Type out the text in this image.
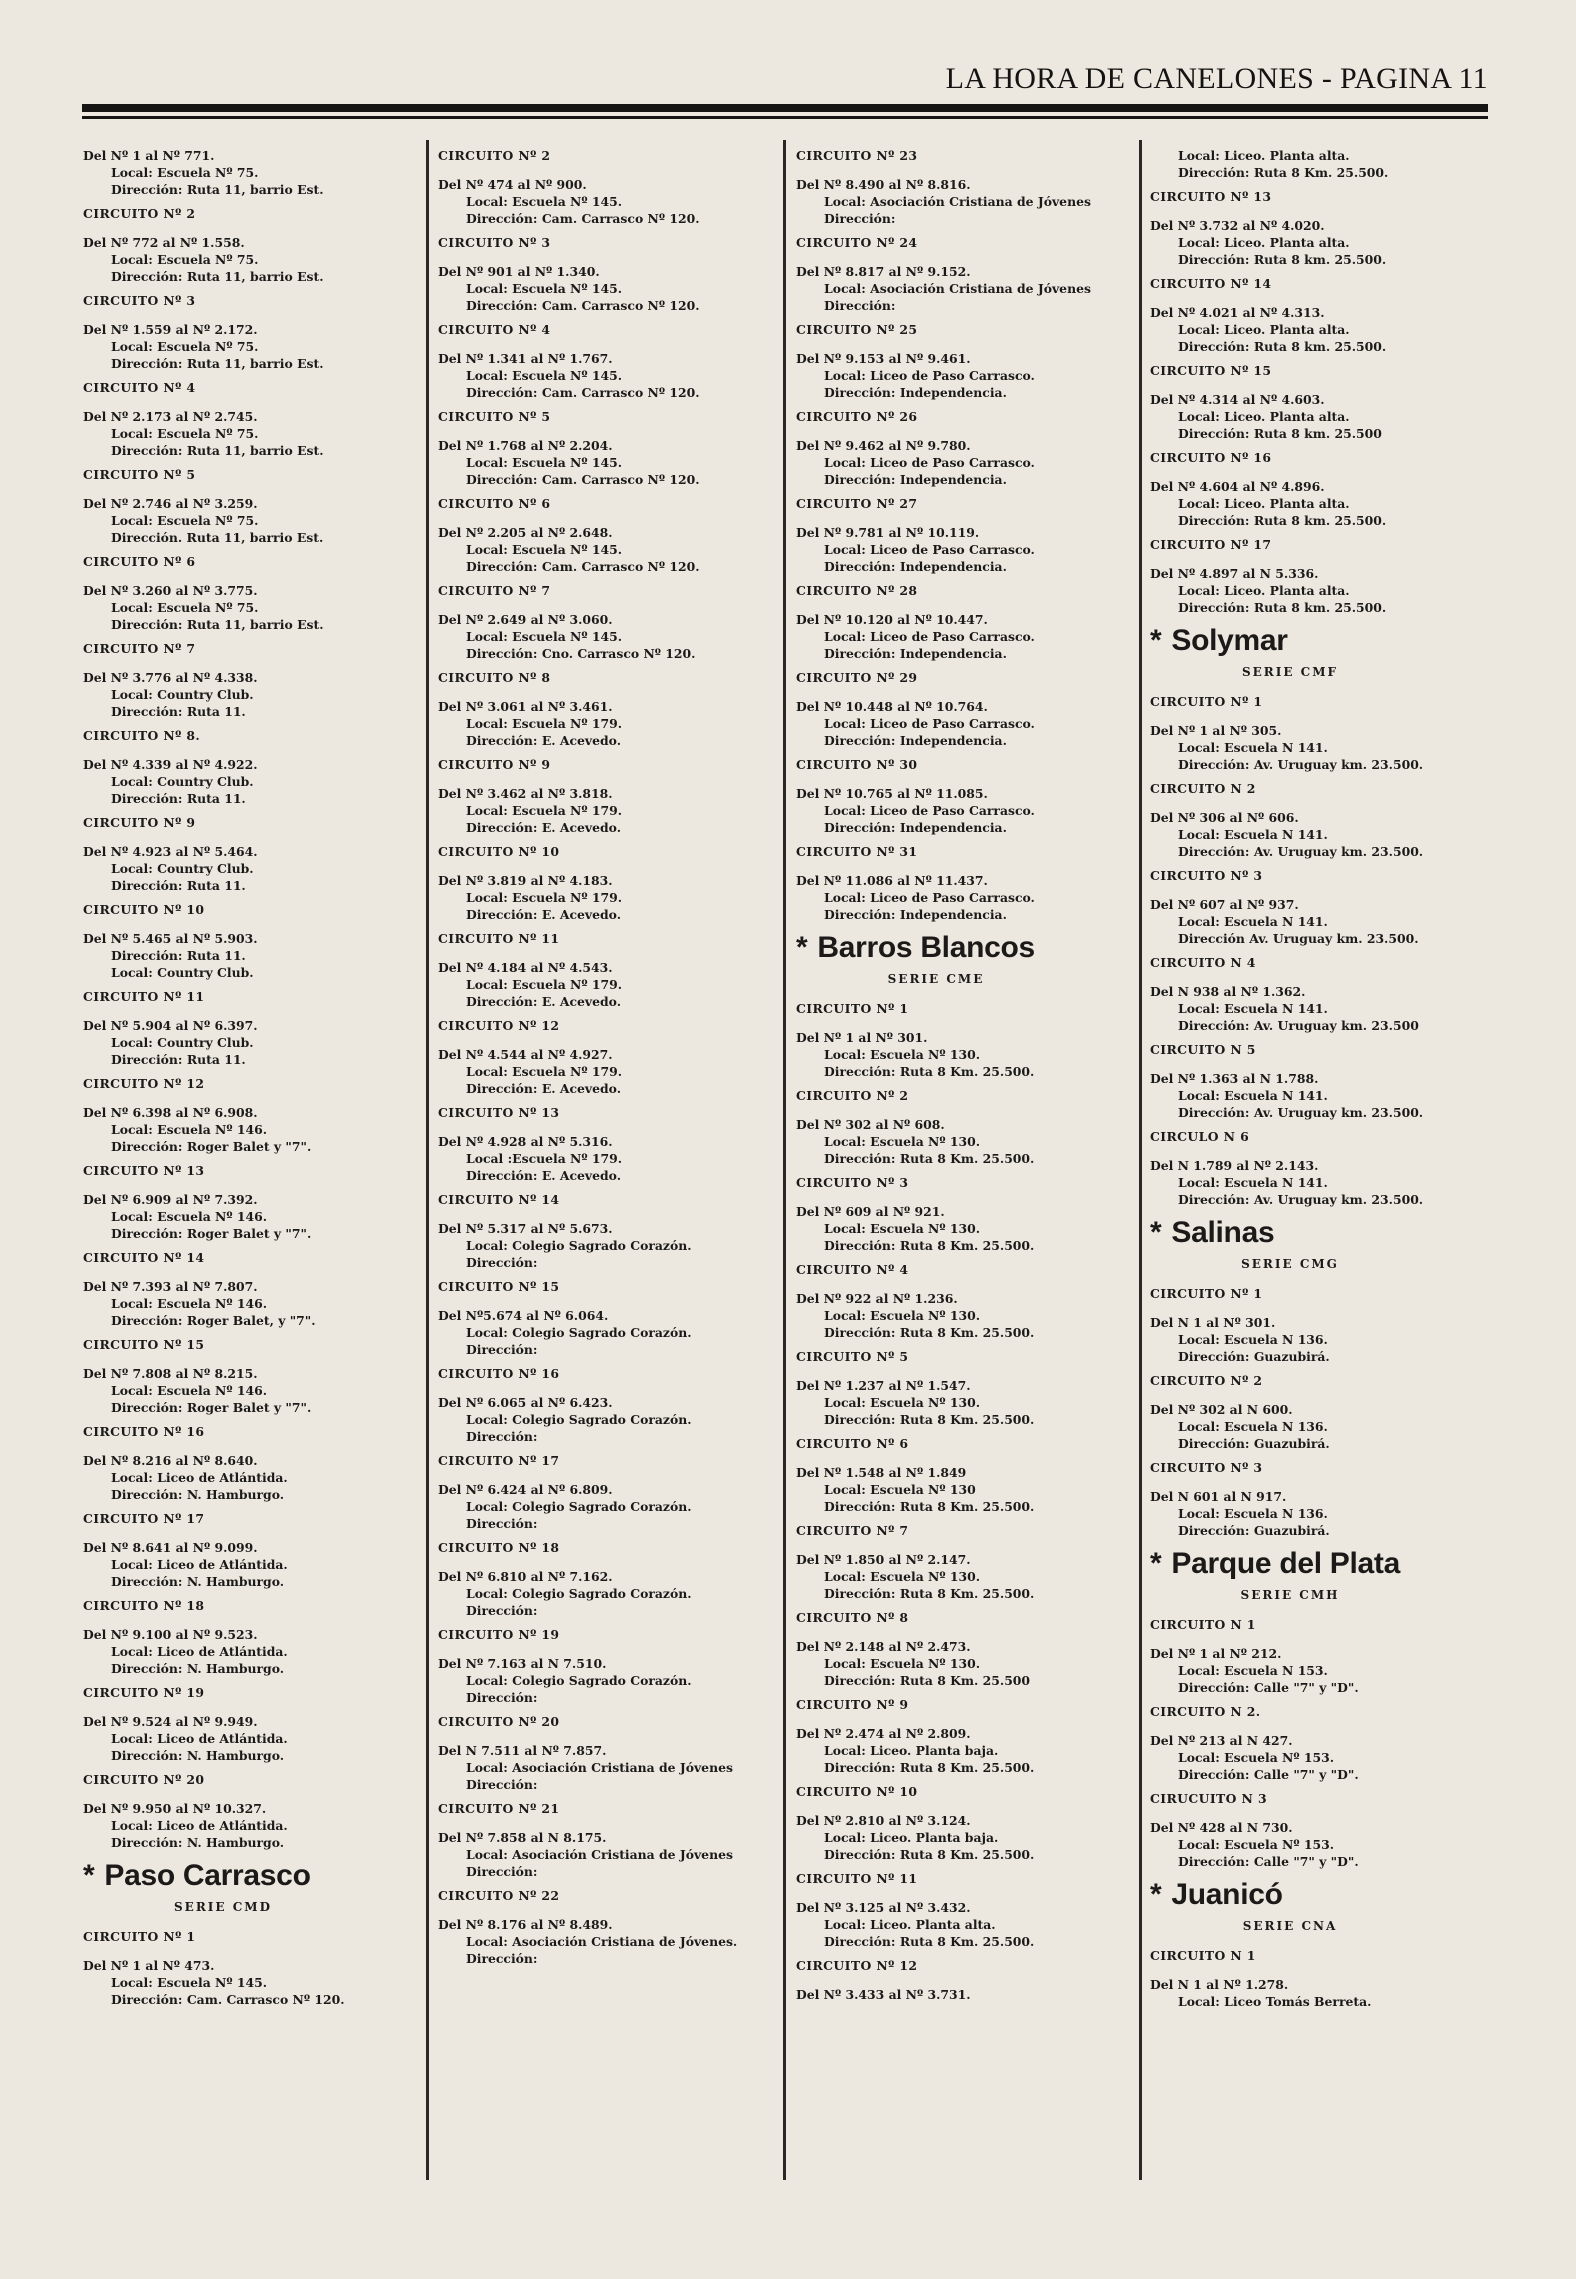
LA HORA DE CANELONES - PAGINA 11
Del Nº 1 al Nº 771.
Local: Escuela Nº 75.
Dirección: Ruta 11, barrio Est.
CIRCUITO Nº 2
Del Nº 772 al Nº 1.558.
Local: Escuela Nº 75.
Dirección: Ruta 11, barrio Est.
CIRCUITO Nº 3
Del Nº 1.559 al Nº 2.172.
Local: Escuela Nº 75.
Dirección: Ruta 11, barrio Est.
CIRCUITO Nº 4
Del Nº 2.173 al Nº 2.745.
Local: Escuela Nº 75.
Dirección: Ruta 11, barrio Est.
CIRCUITO Nº 5
Del Nº 2.746 al Nº 3.259.
Local: Escuela Nº 75.
Dirección. Ruta 11, barrio Est.
CIRCUITO Nº 6
Del Nº 3.260 al Nº 3.775.
Local: Escuela Nº 75.
Dirección: Ruta 11, barrio Est.
CIRCUITO Nº 7
Del Nº 3.776 al Nº 4.338.
Local: Country Club.
Dirección: Ruta 11.
CIRCUITO Nº 8.
Del Nº 4.339 al Nº 4.922.
Local: Country Club.
Dirección: Ruta 11.
CIRCUITO Nº 9
Del Nº 4.923 al Nº 5.464.
Local: Country Club.
Dirección: Ruta 11.
CIRCUITO Nº 10
Del Nº 5.465 al Nº 5.903.
Dirección: Ruta 11.
Local: Country Club.
CIRCUITO Nº 11
Del Nº 5.904 al Nº 6.397.
Local: Country Club.
Dirección: Ruta 11.
CIRCUITO Nº 12
Del Nº 6.398 al Nº 6.908.
Local: Escuela Nº 146.
Dirección: Roger Balet y "7".
CIRCUITO Nº 13
Del Nº 6.909 al Nº 7.392.
Local: Escuela Nº 146.
Dirección: Roger Balet y "7".
CIRCUITO Nº 14
Del Nº 7.393 al Nº 7.807.
Local: Escuela Nº 146.
Dirección: Roger Balet, y "7".
CIRCUITO Nº 15
Del Nº 7.808 al Nº 8.215.
Local: Escuela Nº 146.
Dirección: Roger Balet y "7".
CIRCUITO Nº 16
Del Nº 8.216 al Nº 8.640.
Local: Liceo de Atlántida.
Dirección: N. Hamburgo.
CIRCUITO Nº 17
Del Nº 8.641 al Nº 9.099.
Local: Liceo de Atlántida.
Dirección: N. Hamburgo.
CIRCUITO Nº 18
Del Nº 9.100 al Nº 9.523.
Local: Liceo de Atlántida.
Dirección: N. Hamburgo.
CIRCUITO Nº 19
Del Nº 9.524 al Nº 9.949.
Local: Liceo de Atlántida.
Dirección: N. Hamburgo.
CIRCUITO Nº 20
Del Nº 9.950 al Nº 10.327.
Local: Liceo de Atlántida.
Dirección: N. Hamburgo.
* Paso Carrasco
SERIE CMD
CIRCUITO Nº 1
Del Nº 1 al Nº 473.
Local: Escuela Nº 145.
Dirección: Cam. Carrasco Nº 120.
CIRCUITO Nº 2
Del Nº 474 al Nº 900.
Local: Escuela Nº 145.
Dirección: Cam. Carrasco Nº 120.
CIRCUITO Nº 3
Del Nº 901 al Nº 1.340.
Local: Escuela Nº 145.
Dirección: Cam. Carrasco Nº 120.
CIRCUITO Nº 4
Del Nº 1.341 al Nº 1.767.
Local: Escuela Nº 145.
Dirección: Cam. Carrasco Nº 120.
CIRCUITO Nº 5
Del Nº 1.768 al Nº 2.204.
Local: Escuela Nº 145.
Dirección: Cam. Carrasco Nº 120.
CIRCUITO Nº 6
Del Nº 2.205 al Nº 2.648.
Local: Escuela Nº 145.
Dirección: Cam. Carrasco Nº 120.
CIRCUITO Nº 7
Del Nº 2.649 al Nº 3.060.
Local: Escuela Nº 145.
Dirección: Cno. Carrasco Nº 120.
CIRCUITO Nº 8
Del Nº 3.061 al Nº 3.461.
Local: Escuela Nº 179.
Dirección: E. Acevedo.
CIRCUITO Nº 9
Del Nº 3.462 al Nº 3.818.
Local: Escuela Nº 179.
Dirección: E. Acevedo.
CIRCUITO Nº 10
Del Nº 3.819 al Nº 4.183.
Local: Escuela Nº 179.
Dirección: E. Acevedo.
CIRCUITO Nº 11
Del Nº 4.184 al Nº 4.543.
Local: Escuela Nº 179.
Dirección: E. Acevedo.
CIRCUITO Nº 12
Del Nº 4.544 al Nº 4.927.
Local: Escuela Nº 179.
Dirección: E. Acevedo.
CIRCUITO Nº 13
Del Nº 4.928 al Nº 5.316.
Local :Escuela Nº 179.
Dirección: E. Acevedo.
CIRCUITO Nº 14
Del Nº 5.317 al Nº 5.673.
Local: Colegio Sagrado Corazón.
Dirección:
CIRCUITO Nº 15
Del Nº5.674 al Nº 6.064.
Local: Colegio Sagrado Corazón.
Dirección:
CIRCUITO Nº 16
Del Nº 6.065 al Nº 6.423.
Local: Colegio Sagrado Corazón.
Dirección:
CIRCUITO Nº 17
Del Nº 6.424 al Nº 6.809.
Local: Colegio Sagrado Corazón.
Dirección:
CIRCUITO Nº 18
Del Nº 6.810 al Nº 7.162.
Local: Colegio Sagrado Corazón.
Dirección:
CIRCUITO Nº 19
Del Nº 7.163 al N 7.510.
Local: Colegio Sagrado Corazón.
Dirección:
CIRCUITO Nº 20
Del N 7.511 al Nº 7.857.
Local: Asociación Cristiana de Jóvenes
Dirección:
CIRCUITO Nº 21
Del Nº 7.858 al N 8.175.
Local: Asociación Cristiana de Jóvenes
Dirección:
CIRCUITO Nº 22
Del Nº 8.176 al Nº 8.489.
Local: Asociación Cristiana de Jóvenes.
Dirección:
CIRCUITO Nº 23
Del Nº 8.490 al Nº 8.816.
Local: Asociación Cristiana de Jóvenes
Dirección:
CIRCUITO Nº 24
Del Nº 8.817 al Nº 9.152.
Local: Asociación Cristiana de Jóvenes
Dirección:
CIRCUITO Nº 25
Del Nº 9.153 al Nº 9.461.
Local: Liceo de Paso Carrasco.
Dirección: Independencia.
CIRCUITO Nº 26
Del Nº 9.462 al Nº 9.780.
Local: Liceo de Paso Carrasco.
Dirección: Independencia.
CIRCUITO Nº 27
Del Nº 9.781 al Nº 10.119.
Local: Liceo de Paso Carrasco.
Dirección: Independencia.
CIRCUITO Nº 28
Del Nº 10.120 al Nº 10.447.
Local: Liceo de Paso Carrasco.
Dirección: Independencia.
CIRCUITO Nº 29
Del Nº 10.448 al Nº 10.764.
Local: Liceo de Paso Carrasco.
Dirección: Independencia.
CIRCUITO Nº 30
Del Nº 10.765 al Nº 11.085.
Local: Liceo de Paso Carrasco.
Dirección: Independencia.
CIRCUITO Nº 31
Del Nº 11.086 al Nº 11.437.
Local: Liceo de Paso Carrasco.
Dirección: Independencia.
* Barros Blancos
SERIE CME
CIRCUITO Nº 1
Del Nº 1 al Nº 301.
Local: Escuela Nº 130.
Dirección: Ruta 8 Km. 25.500.
CIRCUITO Nº 2
Del Nº 302 al Nº 608.
Local: Escuela Nº 130.
Dirección: Ruta 8 Km. 25.500.
CIRCUITO Nº 3
Del Nº 609 al Nº 921.
Local: Escuela Nº 130.
Dirección: Ruta 8 Km. 25.500.
CIRCUITO Nº 4
Del Nº 922 al Nº 1.236.
Local: Escuela Nº 130.
Dirección: Ruta 8 Km. 25.500.
CIRCUITO Nº 5
Del Nº 1.237 al Nº 1.547.
Local: Escuela Nº 130.
Dirección: Ruta 8 Km. 25.500.
CIRCUITO Nº 6
Del Nº 1.548 al Nº 1.849
Local: Escuela Nº 130
Dirección: Ruta 8 Km. 25.500.
CIRCUITO Nº 7
Del Nº 1.850 al Nº 2.147.
Local: Escuela Nº 130.
Dirección: Ruta 8 Km. 25.500.
CIRCUITO Nº 8
Del Nº 2.148 al Nº 2.473.
Local: Escuela Nº 130.
Dirección: Ruta 8 Km. 25.500
CIRCUITO Nº 9
Del Nº 2.474 al Nº 2.809.
Local: Liceo. Planta baja.
Dirección: Ruta 8 Km. 25.500.
CIRCUITO Nº 10
Del Nº 2.810 al Nº 3.124.
Local: Liceo. Planta baja.
Dirección: Ruta 8 Km. 25.500.
CIRCUITO Nº 11
Del Nº 3.125 al Nº 3.432.
Local: Liceo. Planta alta.
Dirección: Ruta 8 Km. 25.500.
CIRCUITO Nº 12
Del Nº 3.433 al Nº 3.731.
Local: Liceo. Planta alta.
Dirección: Ruta 8 Km. 25.500.
CIRCUITO Nº 13
Del Nº 3.732 al Nº 4.020.
Local: Liceo. Planta alta.
Dirección: Ruta 8 km. 25.500.
CIRCUITO Nº 14
Del Nº 4.021 al Nº 4.313.
Local: Liceo. Planta alta.
Dirección: Ruta 8 km. 25.500.
CIRCUITO Nº 15
Del Nº 4.314 al Nº 4.603.
Local: Liceo. Planta alta.
Dirección: Ruta 8 km. 25.500
CIRCUITO Nº 16
Del Nº 4.604 al Nº 4.896.
Local: Liceo. Planta alta.
Dirección: Ruta 8 km. 25.500.
CIRCUITO Nº 17
Del Nº 4.897 al N 5.336.
Local: Liceo. Planta alta.
Dirección: Ruta 8 km. 25.500.
* Solymar
SERIE CMF
CIRCUITO Nº 1
Del Nº 1 al Nº 305.
Local: Escuela N 141.
Dirección: Av. Uruguay km. 23.500.
CIRCUITO N 2
Del Nº 306 al Nº 606.
Local: Escuela N 141.
Dirección: Av. Uruguay km. 23.500.
CIRCUITO Nº 3
Del Nº 607 al Nº 937.
Local: Escuela N 141.
Dirección Av. Uruguay km. 23.500.
CIRCUITO N 4
Del N 938 al Nº 1.362.
Local: Escuela N 141.
Dirección: Av. Uruguay km. 23.500
CIRCUITO N 5
Del Nº 1.363 al N 1.788.
Local: Escuela N 141.
Dirección: Av. Uruguay km. 23.500.
CIRCULO N 6
Del N 1.789 al Nº 2.143.
Local: Escuela N 141.
Dirección: Av. Uruguay km. 23.500.
* Salinas
SERIE CMG
CIRCUITO Nº 1
Del N 1 al Nº 301.
Local: Escuela N 136.
Dirección: Guazubirá.
CIRCUITO Nº 2
Del Nº 302 al N 600.
Local: Escuela N 136.
Dirección: Guazubirá.
CIRCUITO Nº 3
Del N 601 al N 917.
Local: Escuela N 136.
Dirección: Guazubirá.
* Parque del Plata
SERIE CMH
CIRCUITO N 1
Del Nº 1 al Nº 212.
Local: Escuela N 153.
Dirección: Calle "7" y "D".
CIRCUITO N 2.
Del Nº 213 al N 427.
Local: Escuela Nº 153.
Dirección: Calle "7" y "D".
CIRUCUITO N 3
Del Nº 428 al N 730.
Local: Escuela Nº 153.
Dirección: Calle "7" y "D".
* Juanicó
SERIE CNA
CIRCUITO N 1
Del N 1 al Nº 1.278.
Local: Liceo Tomás Berreta.
